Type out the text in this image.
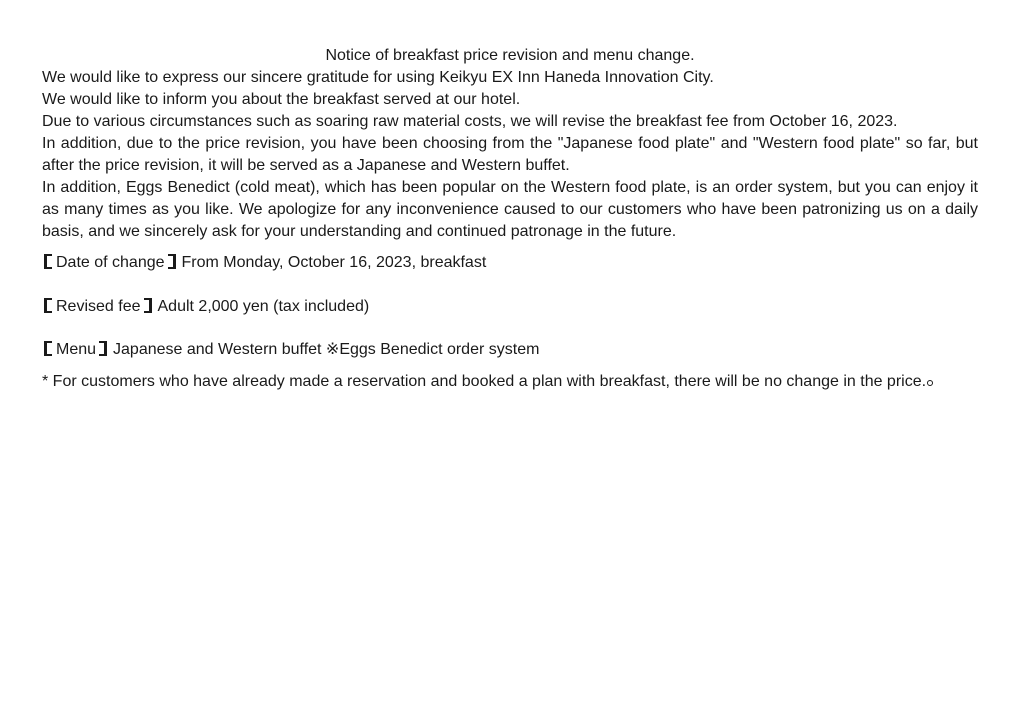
Notice of breakfast price revision and menu change.

We would like to express our sincere gratitude for using Keikyu EX Inn Haneda Innovation City.

We would like to inform you about the breakfast served at our hotel.

Due to various circumstances such as soaring raw material costs, we will revise the breakfast fee from October 16, 2023.

In addition, due to the price revision, you have been choosing from the "Japanese food plate" and "Western food plate" so far, but after the price revision, it will be served as a Japanese and Western buffet.

In addition, Eggs Benedict (cold meat), which has been popular on the Western food plate, is an order system, but you can enjoy it as many times as you like. We apologize for any inconvenience caused to our customers who have been patronizing us on a daily basis, and we sincerely ask for your understanding and continued patronage in the future.

Date of change From Monday, October 16, 2023, breakfast

Revised fee Adult 2,000 yen (tax included)

Menu Japanese and Western buffet ※Eggs Benedict order system

* For customers who have already made a reservation and booked a plan with breakfast, there will be no change in the price.
